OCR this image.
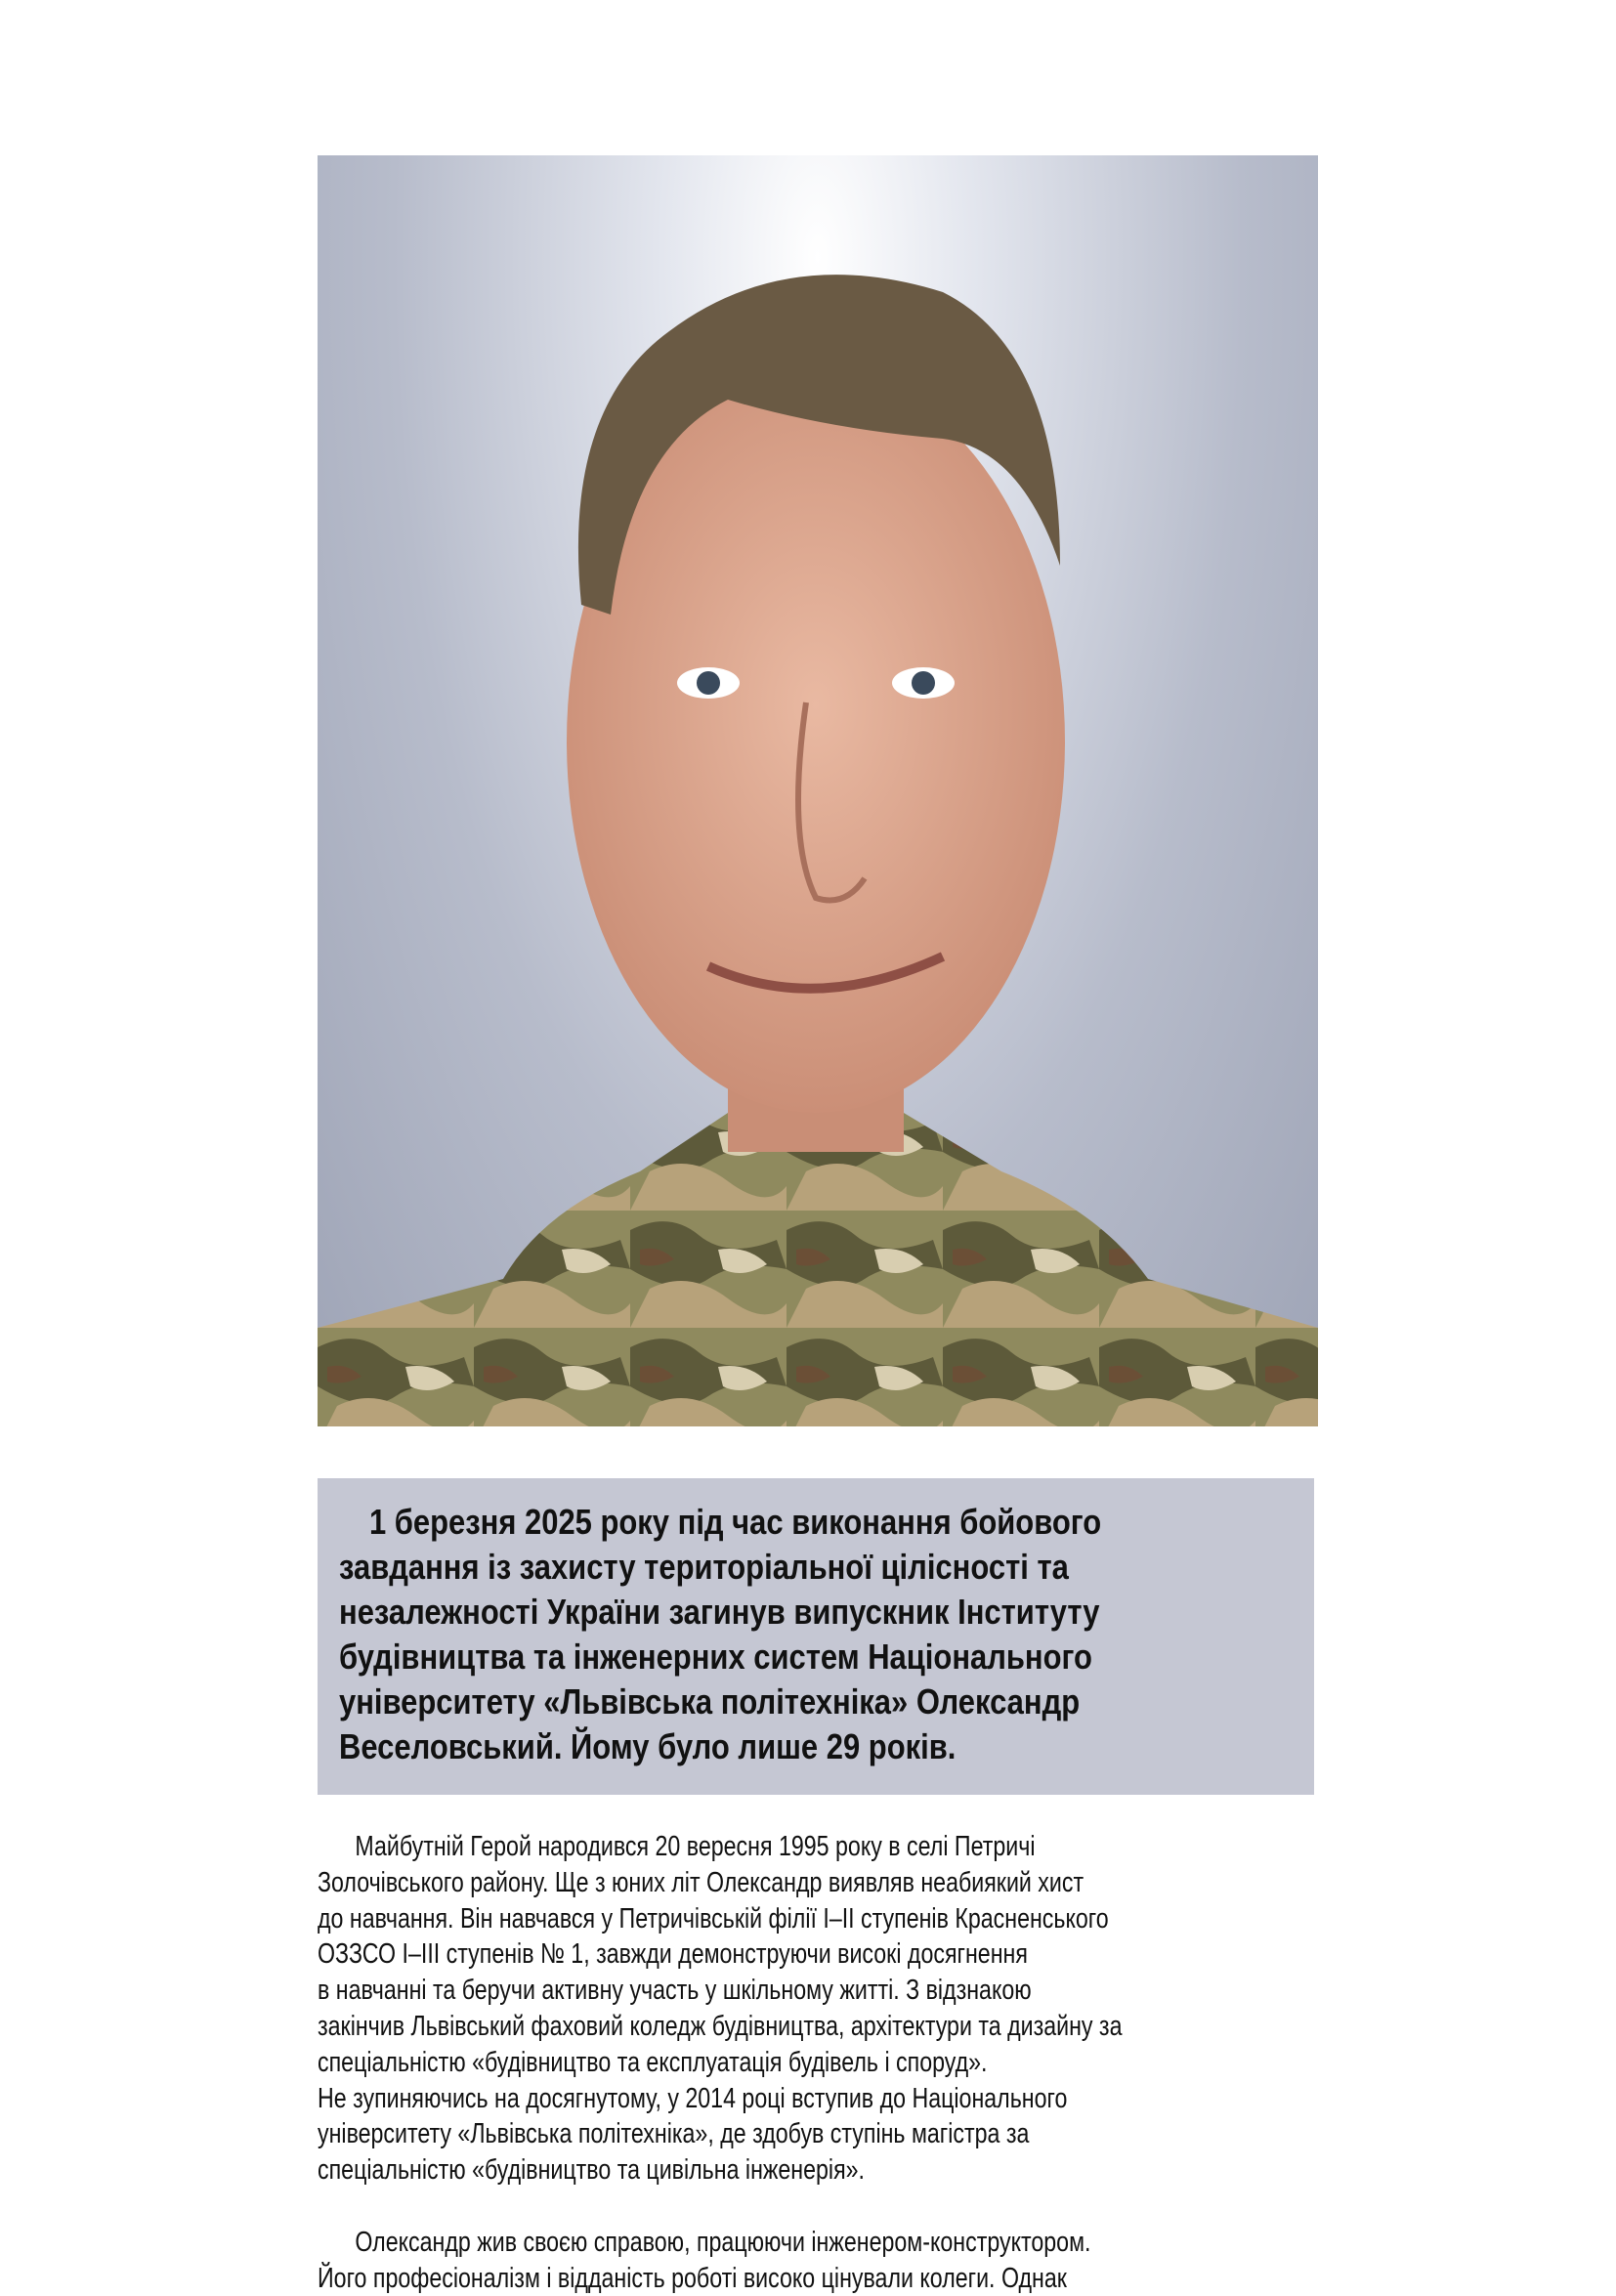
1 березня 2025 року під час виконання бойового
завдання із захисту територіальної цілісності та
незалежності України загинув випускник Інституту
будівництва та інженерних систем Національного
університету «Львівська політехніка» Олександр
Веселовський. Йому було лише 29 років.
Майбутній Герой народився 20 вересня 1995 року в селі Петричі
Золочівського району. Ще з юних літ Олександр виявляв неабиякий хист
до навчання. Він навчався у Петричівській філії І–ІІ ступенів Красненського
ОЗЗСО І–ІІІ ступенів № 1, завжди демонструючи високі досягнення
в навчанні та беручи активну участь у шкільному житті. З відзнакою
закінчив Львівський фаховий коледж будівництва, архітектури та дизайну за
спеціальністю «будівництво та експлуатація будівель і споруд».
Не зупиняючись на досягнутому, у 2014 році вступив до Національного
університету «Львівська політехніка», де здобув ступінь магістра за
спеціальністю «будівництво та цивільна інженерія».
Олександр жив своєю справою, працюючи інженером-конструктором.
Його професіоналізм і відданість роботі високо цінували колеги. Однак
